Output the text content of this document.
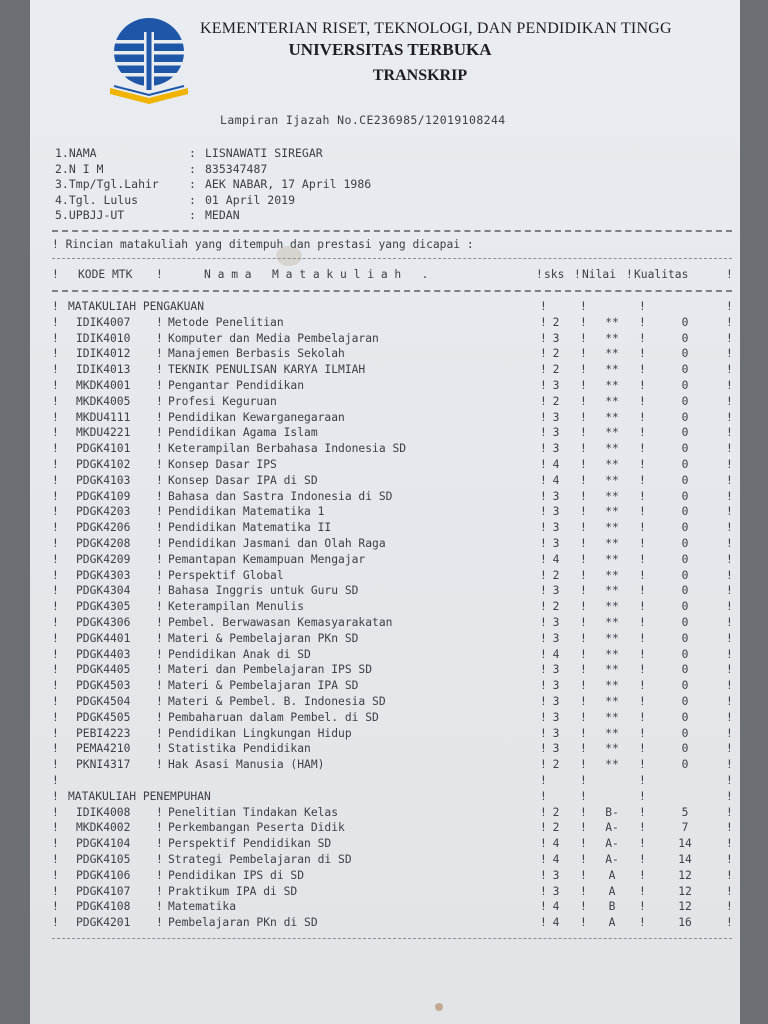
KEMENTERIAN RISET, TEKNOLOGI, DAN PENDIDIKAN TINGG
UNIVERSITAS TERBUKA
TRANSKRIP
Lampiran Ijazah No.CE236985/12019108244
1.NAMA	: LISNAWATI SIREGAR
2.N I M	: 835347487
3.Tmp/Tgl.Lahir	: AEK NABAR, 17 April 1986
4.Tgl. Lulus	: 01 April 2019
5.UPBJJ-UT	: MEDAN
! Rincian matakuliah yang ditempuh dan prestasi yang dicapai :
! KODE MTK !	N a m a   M a t a k u l i a h   .	! sks ! Nilai ! Kualitas	!
! MATAKULIAH PENGAKUAN	!	!	!	!
! IDIK4007 ! Metode Penelitian	! 2	!	**	!	0	!
! IDIK4010 ! Komputer dan Media Pembelajaran	! 3	!	**	!	0	!
! IDIK4012 ! Manajemen Berbasis Sekolah	! 2	!	**	!	0	!
! IDIK4013 ! TEKNIK PENULISAN KARYA ILMIAH	! 2	!	**	!	0	!
! MKDK4001 ! Pengantar Pendidikan	! 3	!	**	!	0	!
! MKDK4005 ! Profesi Keguruan	! 2	!	**	!	0	!
! MKDU4111 ! Pendidikan Kewarganegaraan	! 3	!	**	!	0	!
! MKDU4221 ! Pendidikan Agama Islam	! 3	!	**	!	0	!
! PDGK4101 ! Keterampilan Berbahasa Indonesia SD	! 3	!	**	!	0	!
! PDGK4102 ! Konsep Dasar IPS	! 4	!	**	!	0	!
! PDGK4103 ! Konsep Dasar IPA di SD	! 4	!	**	!	0	!
! PDGK4109 ! Bahasa dan Sastra Indonesia di SD	! 3	!	**	!	0	!
! PDGK4203 ! Pendidikan Matematika 1	! 3	!	**	!	0	!
! PDGK4206 ! Pendidikan Matematika II	! 3	!	**	!	0	!
! PDGK4208 ! Pendidikan Jasmani dan Olah Raga	! 3	!	**	!	0	!
! PDGK4209 ! Pemantapan Kemampuan Mengajar	! 4	!	**	!	0	!
! PDGK4303 ! Perspektif Global	! 2	!	**	!	0	!
! PDGK4304 ! Bahasa Inggris untuk Guru SD	! 3	!	**	!	0	!
! PDGK4305 ! Keterampilan Menulis	! 2	!	**	!	0	!
! PDGK4306 ! Pembel. Berwawasan Kemasyarakatan	! 3	!	**	!	0	!
! PDGK4401 ! Materi & Pembelajaran PKn SD	! 3	!	**	!	0	!
! PDGK4403 ! Pendidikan Anak di SD	! 4	!	**	!	0	!
! PDGK4405 ! Materi dan Pembelajaran IPS SD	! 3	!	**	!	0	!
! PDGK4503 ! Materi & Pembelajaran IPA SD	! 3	!	**	!	0	!
! PDGK4504 ! Materi & Pembel. B. Indonesia SD	! 3	!	**	!	0	!
! PDGK4505 ! Pembaharuan dalam Pembel. di SD	! 3	!	**	!	0	!
! PEBI4223 ! Pendidikan Lingkungan Hidup	! 3	!	**	!	0	!
! PEMA4210 ! Statistika Pendidikan	! 3	!	**	!	0	!
! PKNI4317 ! Hak Asasi Manusia (HAM)	! 2	!	**	!	0	!
!	!	!	!	!
! MATAKULIAH PENEMPUHAN	!	!	!	!
! IDIK4008 ! Penelitian Tindakan Kelas	! 2	!	B-	!	5	!
! MKDK4002 ! Perkembangan Peserta Didik	! 2	!	A-	!	7	!
! PDGK4104 ! Perspektif Pendidikan SD	! 4	!	A-	!	14	!
! PDGK4105 ! Strategi Pembelajaran di SD	! 4	!	A-	!	14	!
! PDGK4106 ! Pendidikan IPS di SD	! 3	!	A	!	12	!
! PDGK4107 ! Praktikum IPA di SD	! 3	!	A	!	12	!
! PDGK4108 ! Matematika	! 4	!	B	!	12	!
! PDGK4201 ! Pembelajaran PKn di SD	! 4	!	A	!	16	!
